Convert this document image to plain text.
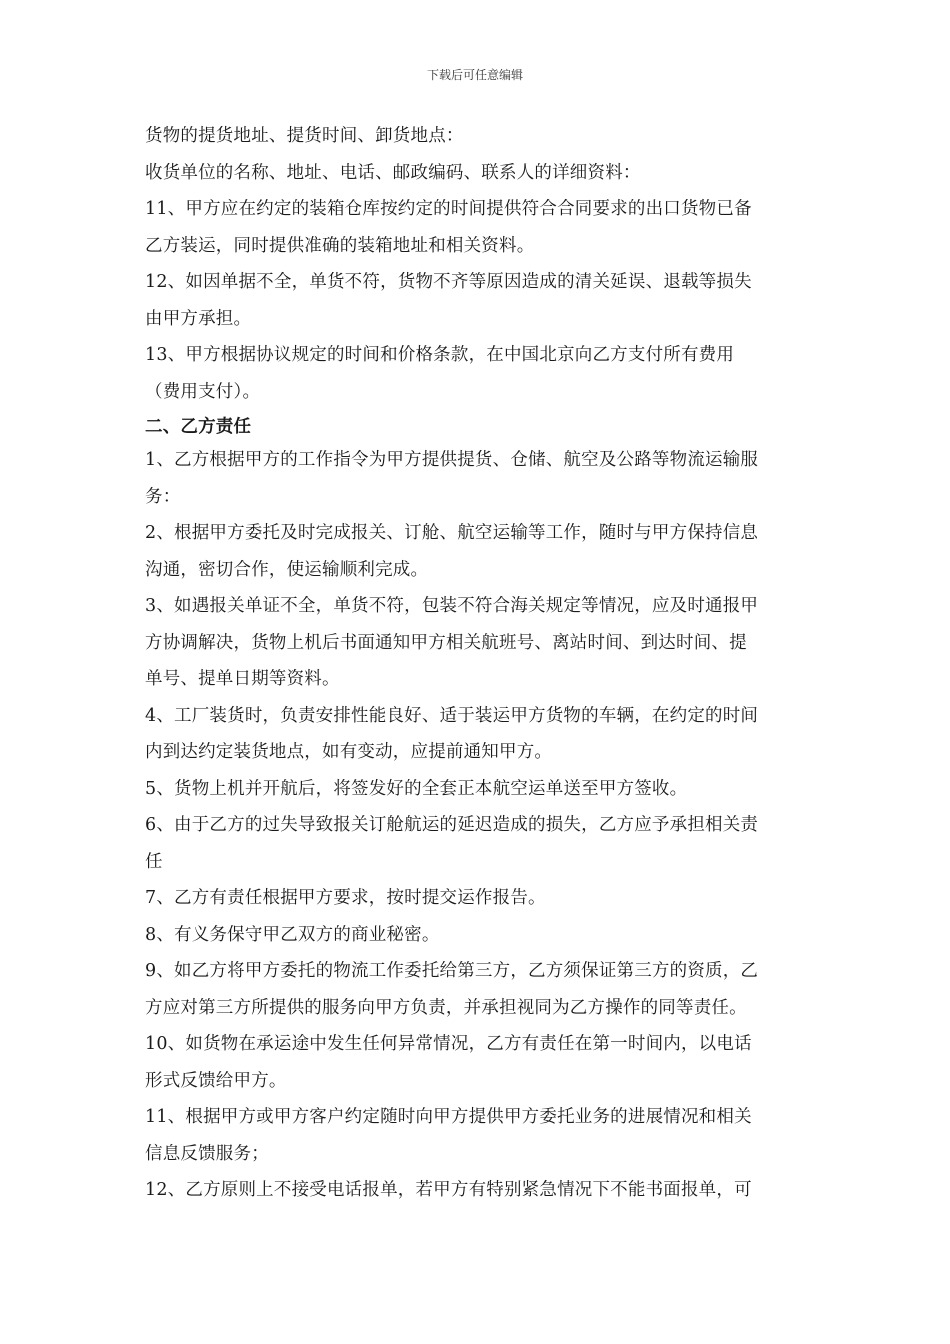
下载后可任意编辑
货物的提货地址、提货时间、卸货地点：
收货单位的名称、地址、电话、邮政编码、联系人的详细资料：
11、甲方应在约定的装箱仓库按约定的时间提供符合合同要求的出口货物已备
乙方装运，同时提供准确的装箱地址和相关资料。
12、如因单据不全，单货不符，货物不齐等原因造成的清关延误、退载等损失
由甲方承担。
13、甲方根据协议规定的时间和价格条款，在中国北京向乙方支付所有费用
（费用支付）。
二、乙方责任
1、乙方根据甲方的工作指令为甲方提供提货、仓储、航空及公路等物流运输服
务：
2、根据甲方委托及时完成报关、订舱、航空运输等工作，随时与甲方保持信息
沟通，密切合作，使运输顺利完成。
3、如遇报关单证不全，单货不符，包装不符合海关规定等情况，应及时通报甲
方协调解决，货物上机后书面通知甲方相关航班号、离站时间、到达时间、提
单号、提单日期等资料。
4、工厂装货时，负责安排性能良好、适于装运甲方货物的车辆，在约定的时间
内到达约定装货地点，如有变动，应提前通知甲方。
5、货物上机并开航后，将签发好的全套正本航空运单送至甲方签收。
6、由于乙方的过失导致报关订舱航运的延迟造成的损失，乙方应予承担相关责
任
7、乙方有责任根据甲方要求，按时提交运作报告。
8、有义务保守甲乙双方的商业秘密。
9、如乙方将甲方委托的物流工作委托给第三方，乙方须保证第三方的资质，乙
方应对第三方所提供的服务向甲方负责，并承担视同为乙方操作的同等责任。
10、如货物在承运途中发生任何异常情况，乙方有责任在第一时间内，以电话
形式反馈给甲方。
11、根据甲方或甲方客户约定随时向甲方提供甲方委托业务的进展情况和相关
信息反馈服务；
12、乙方原则上不接受电话报单，若甲方有特别紧急情况下不能书面报单，可
